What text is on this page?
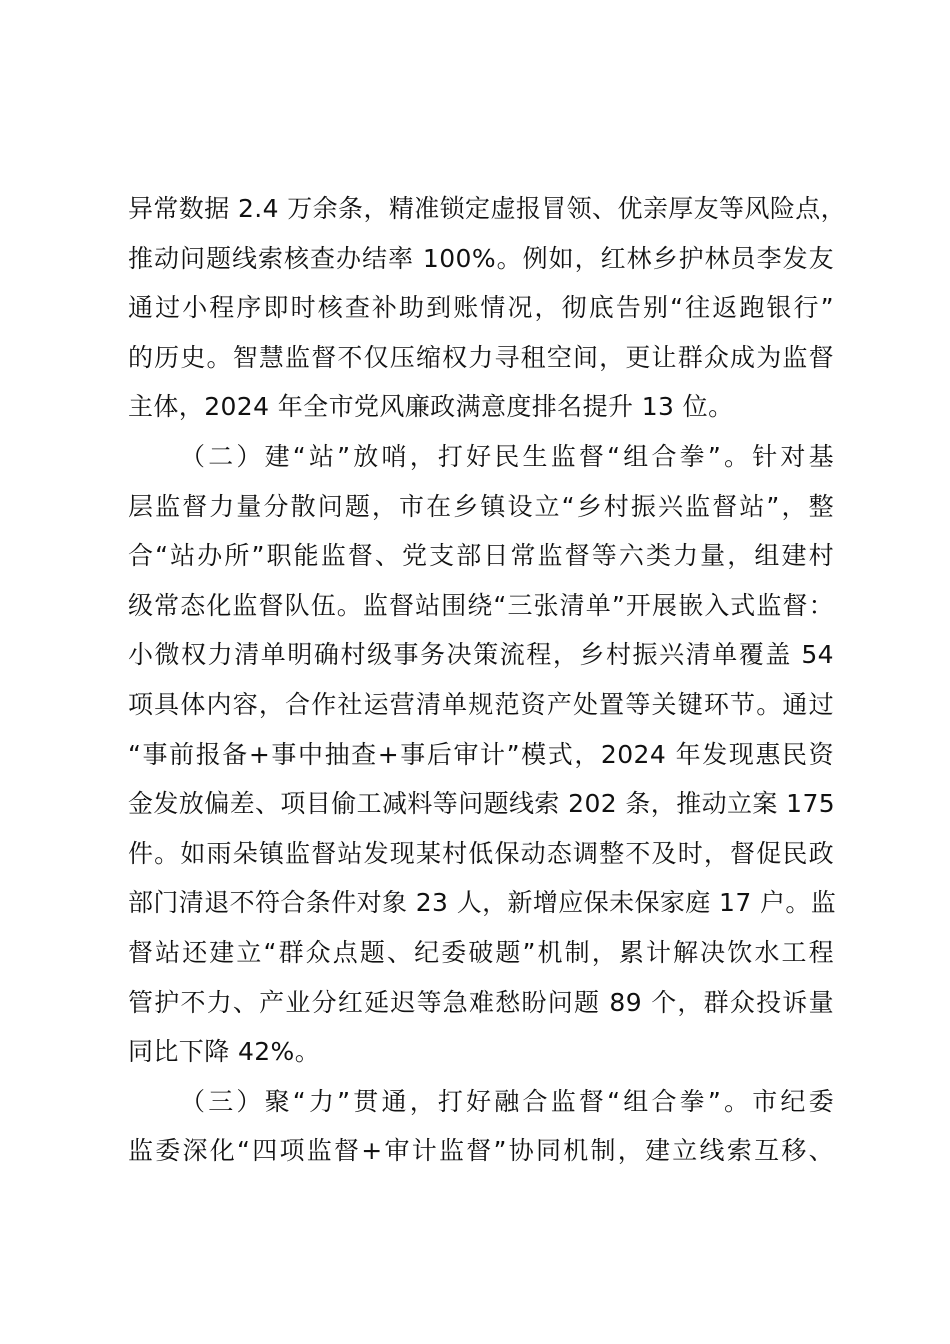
异常数据 2.4 万余条，精准锁定虚报冒领、优亲厚友等风险点，
推动问题线索核查办结率 100%。例如，红林乡护林员李发友
通过小程序即时核查补助到账情况，彻底告别“往返跑银行”
的历史。智慧监督不仅压缩权力寻租空间，更让群众成为监督
主体，2024 年全市党风廉政满意度排名提升 13 位。
（二）建“站”放哨，打好民生监督“组合拳”。针对基
层监督力量分散问题，市在乡镇设立“乡村振兴监督站”，整
合“站办所”职能监督、党支部日常监督等六类力量，组建村
级常态化监督队伍。监督站围绕“三张清单”开展嵌入式监督：
小微权力清单明确村级事务决策流程，乡村振兴清单覆盖 54
项具体内容，合作社运营清单规范资产处置等关键环节。通过
“事前报备+事中抽查+事后审计”模式，2024 年发现惠民资
金发放偏差、项目偷工减料等问题线索 202 条，推动立案 175
件。如雨朵镇监督站发现某村低保动态调整不及时，督促民政
部门清退不符合条件对象 23 人，新增应保未保家庭 17 户。监
督站还建立“群众点题、纪委破题”机制，累计解决饮水工程
管护不力、产业分红延迟等急难愁盼问题 89 个，群众投诉量
同比下降 42%。
（三）聚“力”贯通，打好融合监督“组合拳”。市纪委
监委深化“四项监督+审计监督”协同机制，建立线索互移、
